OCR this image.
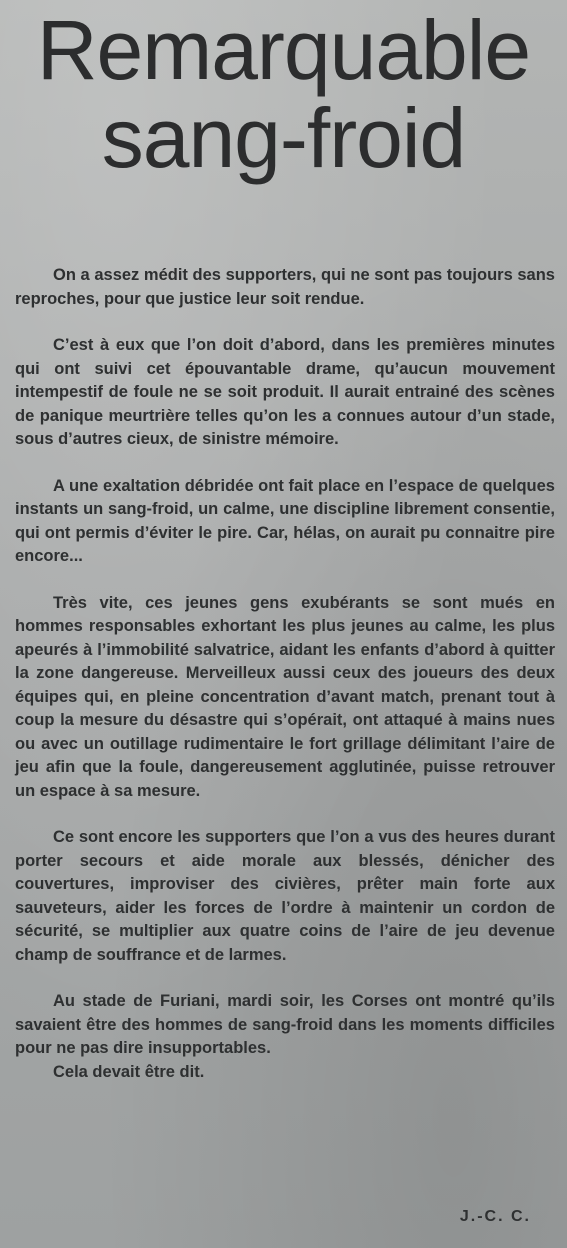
Remarquable
sang-froid

On a assez médit des supporters, qui ne sont pas toujours sans reproches, pour que justice leur soit rendue.

C’est à eux que l’on doit d’abord, dans les premières minutes qui ont suivi cet épouvantable drame, qu’aucun mouvement intempestif de foule ne se soit produit. Il aurait entrainé des scènes de panique meurtrière telles qu’on les a connues autour d’un stade, sous d’autres cieux, de sinistre mémoire.

A une exaltation débridée ont fait place en l’espace de quelques instants un sang-froid, un calme, une discipline librement consentie, qui ont permis d’éviter le pire. Car, hélas, on aurait pu connaitre pire encore...

Très vite, ces jeunes gens exubérants se sont mués en hommes responsables exhortant les plus jeunes au calme, les plus apeurés à l’immobilité salvatrice, aidant les enfants d’abord à quitter la zone dangereuse. Merveilleux aussi ceux des joueurs des deux équipes qui, en pleine concentration d’avant match, prenant tout à coup la mesure du désastre qui s’opérait, ont attaqué à mains nues ou avec un outillage rudimentaire le fort grillage délimitant l’aire de jeu afin que la foule, dangereusement agglutinée, puisse retrouver un espace à sa mesure.

Ce sont encore les supporters que l’on a vus des heures durant porter secours et aide morale aux blessés, dénicher des couvertures, improviser des civières, prêter main forte aux sauveteurs, aider les forces de l’ordre à maintenir un cordon de sécurité, se multiplier aux quatre coins de l’aire de jeu devenue champ de souffrance et de larmes.

Au stade de Furiani, mardi soir, les Corses ont montré qu’ils savaient être des hommes de sang-froid dans les moments difficiles pour ne pas dire insupportables.

Cela devait être dit.

J.-C. C.
